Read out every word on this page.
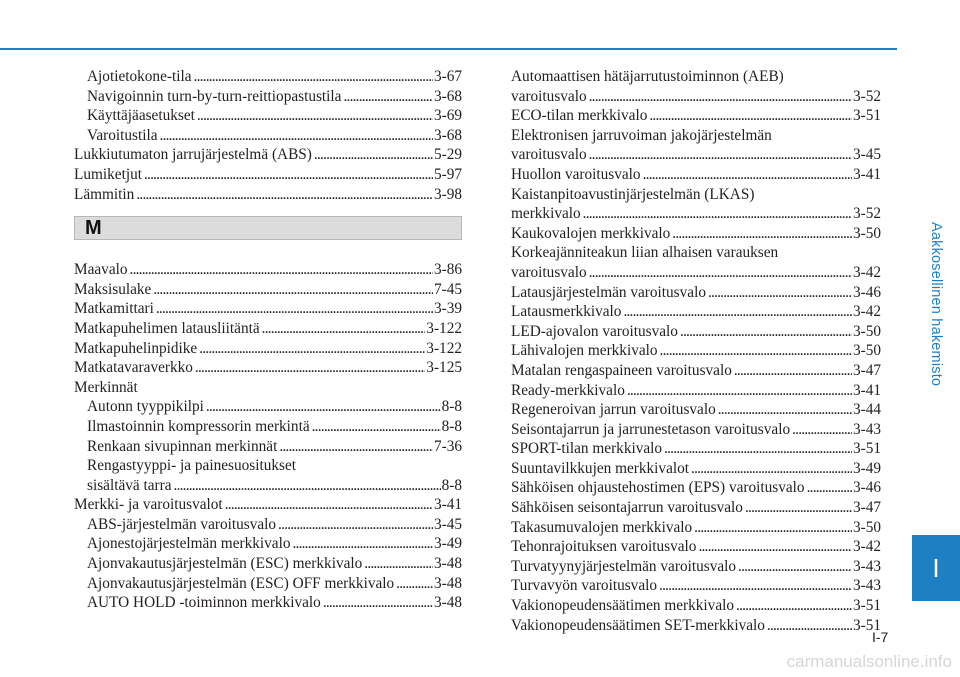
Aakkosellinen hakemisto
I
Ajotietokone-tila . . .	3-67
Navigoinnin turn-by-turn-reittiopastustila . . .	3-68
Käyttäjäasetukset . . .	3-69
Varoitustila . . .	3-68
Lukkiutumaton jarrujärjestelmä (ABS) . . .	5-29
Lumiketjut . . .	5-97
Lämmitin . . .	3-98
M
Maavalo . . .	3-86
Maksisulake . . .	7-45
Matkamittari . . .	3-39
Matkapuhelimen latausliitäntä . . .	3-122
Matkapuhelinpidike . . .	3-122
Matkatavaraverkko . . .	3-125
Merkinnät
Autonn tyyppikilpi . . .	8-8
Ilmastoinnin kompressorin merkintä . . .	8-8
Renkaan sivupinnan merkinnät . . .	7-36
Rengastyyppi- ja painesuositukset
sisältävä tarra . . .	8-8
Merkki- ja varoitusvalot . . .	3-41
ABS-järjestelmän varoitusvalo . . .	3-45
Ajonestojärjestelmän merkkivalo . . .	3-49
Ajonvakautusjärjestelmän (ESC) merkkivalo . . .	3-48
Ajonvakautusjärjestelmän (ESC) OFF merkkivalo . . .	3-48
AUTO HOLD -toiminnon merkkivalo . . .	3-48
Automaattisen hätäjarrutustoiminnon (AEB)
varoitusvalo . . .	3-52
ECO-tilan merkkivalo . . .	3-51
Elektronisen jarruvoiman jakojärjestelmän
varoitusvalo . . .	3-45
Huollon varoitusvalo . . .	3-41
Kaistanpitoavustinjärjestelmän (LKAS)
merkkivalo . . .	3-52
Kaukovalojen merkkivalo . . .	3-50
Korkeajänniteakun liian alhaisen varauksen
varoitusvalo . . .	3-42
Latausjärjestelmän varoitusvalo . . .	3-46
Latausmerkkivalo . . .	3-42
LED-ajovalon varoitusvalo . . .	3-50
Lähivalojen merkkivalo . . .	3-50
Matalan rengaspaineen varoitusvalo . . .	3-47
Ready-merkkivalo . . .	3-41
Regeneroivan jarrun varoitusvalo . . .	3-44
Seisontajarrun ja jarrunestetason varoitusvalo . . .	3-43
SPORT-tilan merkkivalo . . .	3-51
Suuntavilkkujen merkkivalot . . .	3-49
Sähköisen ohjaustehostimen (EPS) varoitusvalo . . .	3-46
Sähköisen seisontajarrun varoitusvalo . . .	3-47
Takasumuvalojen merkkivalo . . .	3-50
Tehonrajoituksen varoitusvalo . . .	3-42
Turvatyynyjärjestelmän varoitusvalo . . .	3-43
Turvavyön varoitusvalo . . .	3-43
Vakionopeudensäätimen merkkivalo . . .	3-51
Vakionopeudensäätimen SET-merkkivalo . . .	3-51
I-7
carmanualsonline.info
